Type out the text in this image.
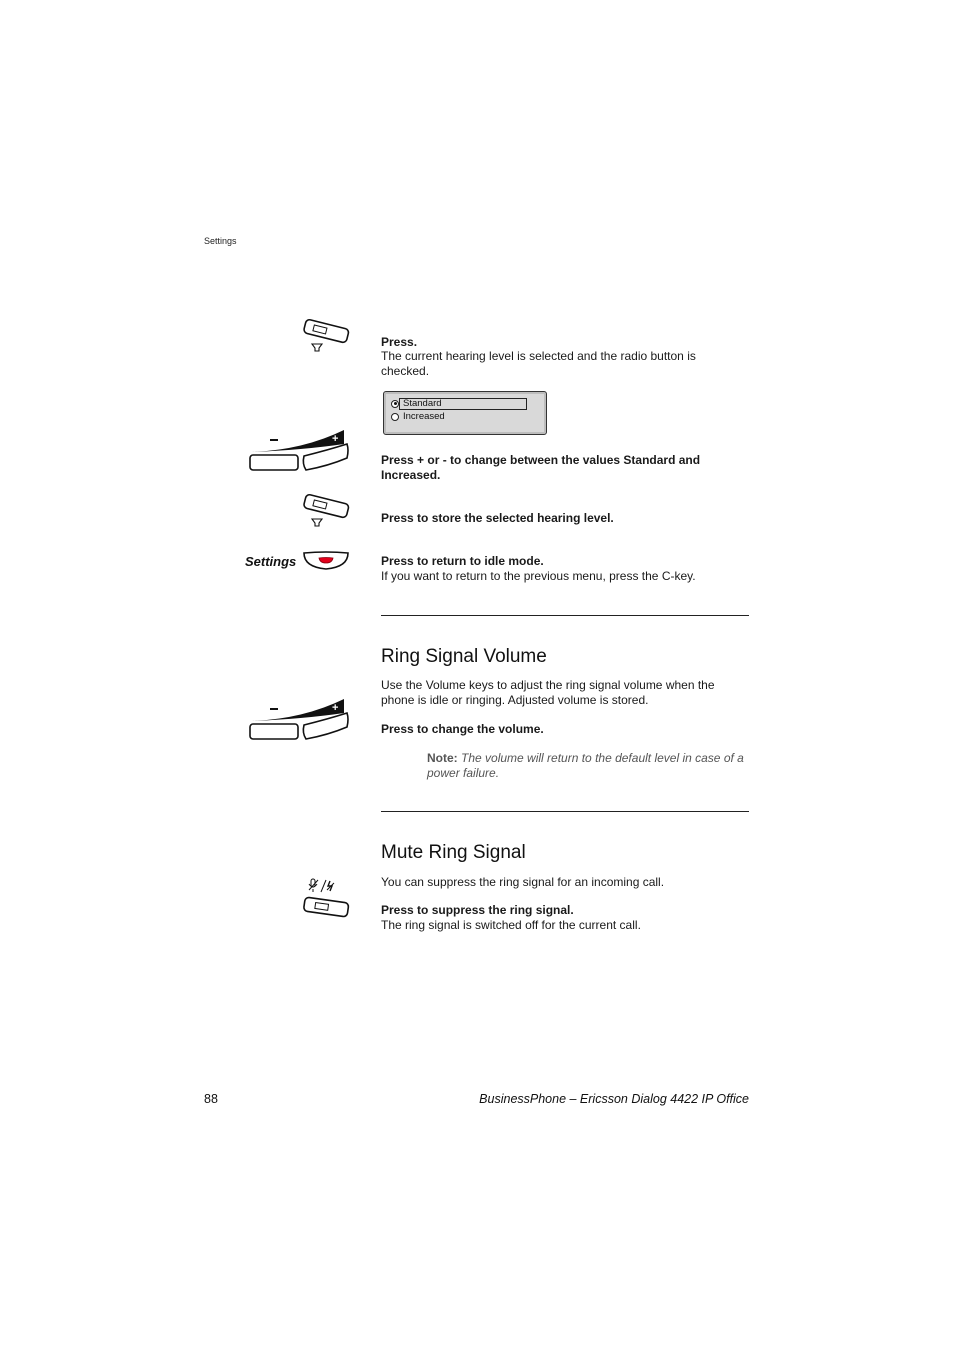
Settings
Press.
The current hearing level is selected and the radio button is checked.
Standard
Increased
+
Press + or - to change between the values Standard and Increased.
Press to store the selected hearing level.
Settings	Press to return to idle mode.
If you want to return to the previous menu, press the C-key.
Ring Signal Volume
Use the Volume keys to adjust the ring signal volume when the phone is idle or ringing. Adjusted volume is stored.
+
Press to change the volume.
Note: The volume will return to the default level in case of a power failure.
Mute Ring Signal
You can suppress the ring signal for an incoming call.
Press to suppress the ring signal.
The ring signal is switched off for the current call.
88	BusinessPhone – Ericsson Dialog 4422 IP Office
